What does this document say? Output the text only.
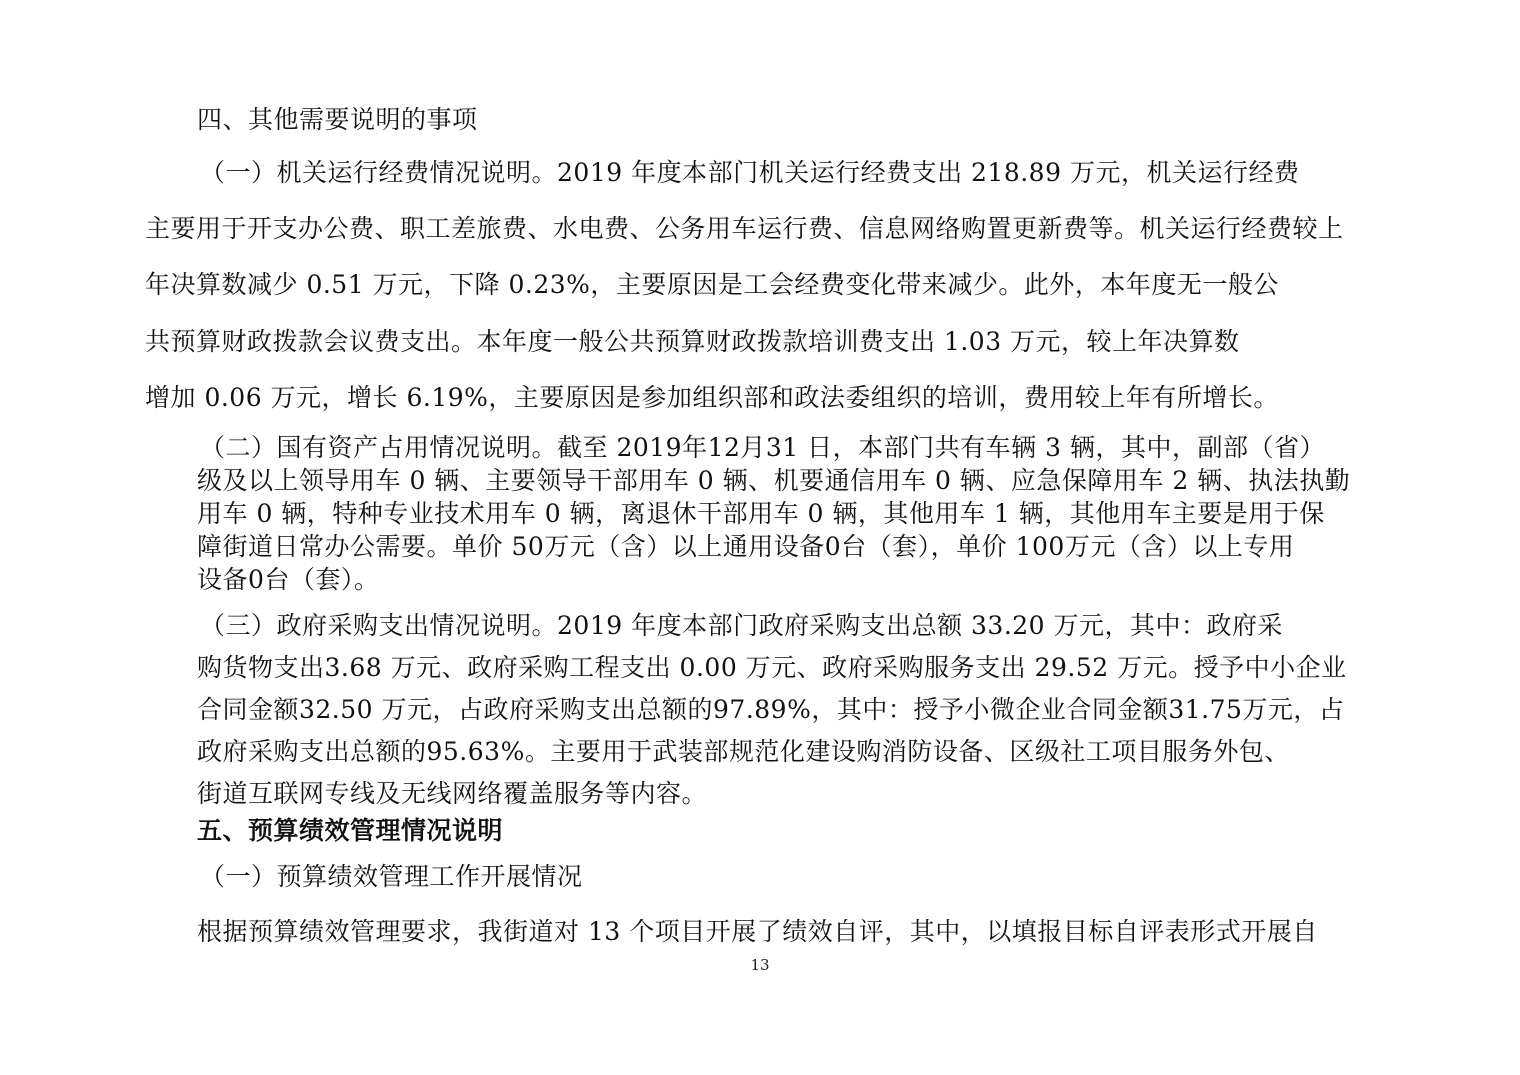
四、其他需要说明的事项
（一）机关运行经费情况说明。2019 年度本部门机关运行经费支出 218.89 万元，机关运行经费
主要用于开支办公费、职工差旅费、水电费、公务用车运行费、信息网络购置更新费等。机关运行经费较上
年决算数减少 0.51 万元，下降 0.23%，主要原因是工会经费变化带来减少。此外，本年度无一般公
共预算财政拨款会议费支出。本年度一般公共预算财政拨款培训费支出 1.03 万元，较上年决算数
增加 0.06 万元，增长 6.19%，主要原因是参加组织部和政法委组织的培训，费用较上年有所增长。
（二）国有资产占用情况说明。截至 2019年12月31 日，本部门共有车辆 3 辆，其中，副部（省）
级及以上领导用车 0 辆、主要领导干部用车 0 辆、机要通信用车 0 辆、应急保障用车 2 辆、执法执勤
用车 0 辆，特种专业技术用车 0 辆，离退休干部用车 0 辆，其他用车 1 辆，其他用车主要是用于保
障街道日常办公需要。单价 50万元（含）以上通用设备0台（套），单价 100万元（含）以上专用
设备0台（套）。
（三）政府采购支出情况说明。2019 年度本部门政府采购支出总额 33.20 万元，其中：政府采
购货物支出3.68 万元、政府采购工程支出 0.00 万元、政府采购服务支出 29.52 万元。授予中小企业
合同金额32.50 万元，占政府采购支出总额的97.89%，其中：授予小微企业合同金额31.75万元，占
政府采购支出总额的95.63%。主要用于武装部规范化建设购消防设备、区级社工项目服务外包、
街道互联网专线及无线网络覆盖服务等内容。
五、预算绩效管理情况说明
（一）预算绩效管理工作开展情况
根据预算绩效管理要求，我街道对 13 个项目开展了绩效自评，其中，以填报目标自评表形式开展自
13
